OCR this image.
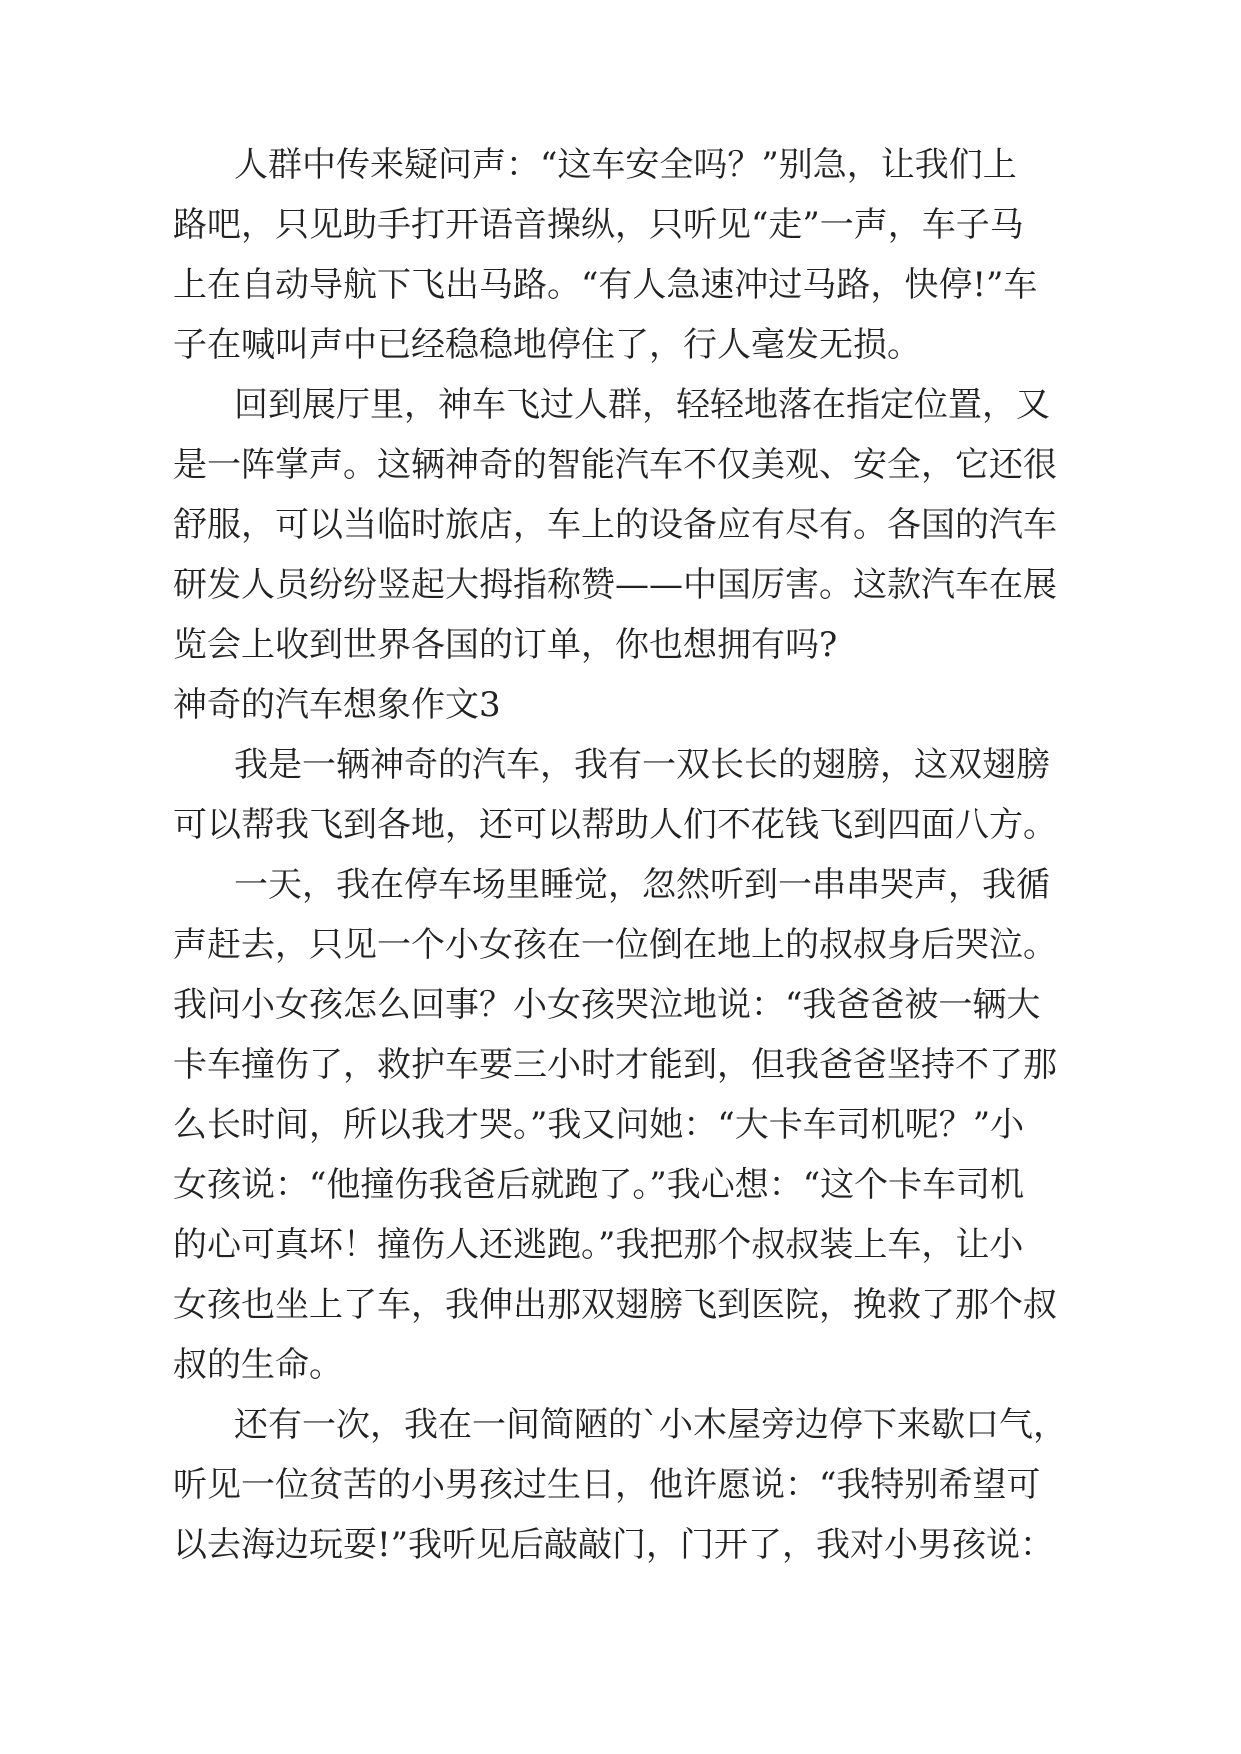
人群中传来疑问声：“这车安全吗？”别急，让我们上
路吧，只见助手打开语音操纵，只听见“走”一声，车子马
上在自动导航下飞出马路。“有人急速冲过马路，快停!”车
子在喊叫声中已经稳稳地停住了，行人毫发无损。
回到展厅里，神车飞过人群，轻轻地落在指定位置，又
是一阵掌声。这辆神奇的智能汽车不仅美观、安全，它还很
舒服，可以当临时旅店，车上的设备应有尽有。各国的汽车
研发人员纷纷竖起大拇指称赞——中国厉害。这款汽车在展
览会上收到世界各国的订单，你也想拥有吗?
神奇的汽车想象作文3
我是一辆神奇的汽车，我有一双长长的翅膀，这双翅膀
可以帮我飞到各地，还可以帮助人们不花钱飞到四面八方。
一天，我在停车场里睡觉，忽然听到一串串哭声，我循
声赶去，只见一个小女孩在一位倒在地上的叔叔身后哭泣。
我问小女孩怎么回事？小女孩哭泣地说：“我爸爸被一辆大
卡车撞伤了，救护车要三小时才能到，但我爸爸坚持不了那
么长时间，所以我才哭。”我又问她：“大卡车司机呢？”小
女孩说：“他撞伤我爸后就跑了。”我心想：“这个卡车司机
的心可真坏！撞伤人还逃跑。”我把那个叔叔装上车，让小
女孩也坐上了车，我伸出那双翅膀飞到医院，挽救了那个叔
叔的生命。
还有一次，我在一间简陋的`小木屋旁边停下来歇口气，
听见一位贫苦的小男孩过生日，他许愿说：“我特别希望可
以去海边玩耍!”我听见后敲敲门，门开了，我对小男孩说：
